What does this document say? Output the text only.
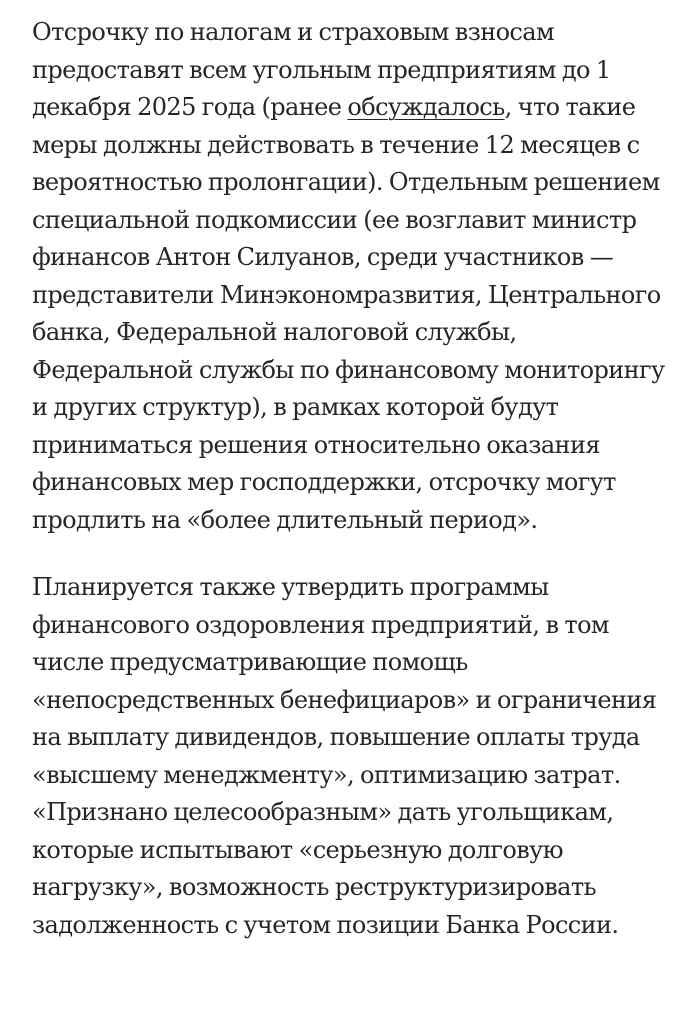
Отсрочку по налогам и страховым взносам предоставят всем угольным предприятиям до 1 декабря 2025 года (ранее обсуждалось, что такие меры должны действовать в течение 12 месяцев с вероятностью пролонгации). Отдельным решением специальной подкомиссии (ее возглавит министр финансов Антон Силуанов, среди участников — представители Минэкономразвития, Центрального банка, Федеральной налоговой службы, Федеральной службы по финансовому мониторингу и других структур), в рамках которой будут приниматься решения относительно оказания финансовых мер господдержки, отсрочку могут продлить на «более длительный период».

Планируется также утвердить программы финансового оздоровления предприятий, в том числе предусматривающие помощь «непосредственных бенефициаров» и ограничения на выплату дивидендов, повышение оплаты труда «высшему менеджменту», оптимизацию затрат. «Признано целесообразным» дать угольщикам, которые испытывают «серьезную долговую нагрузку», возможность реструктуризировать задолженность с учетом позиции Банка России.
